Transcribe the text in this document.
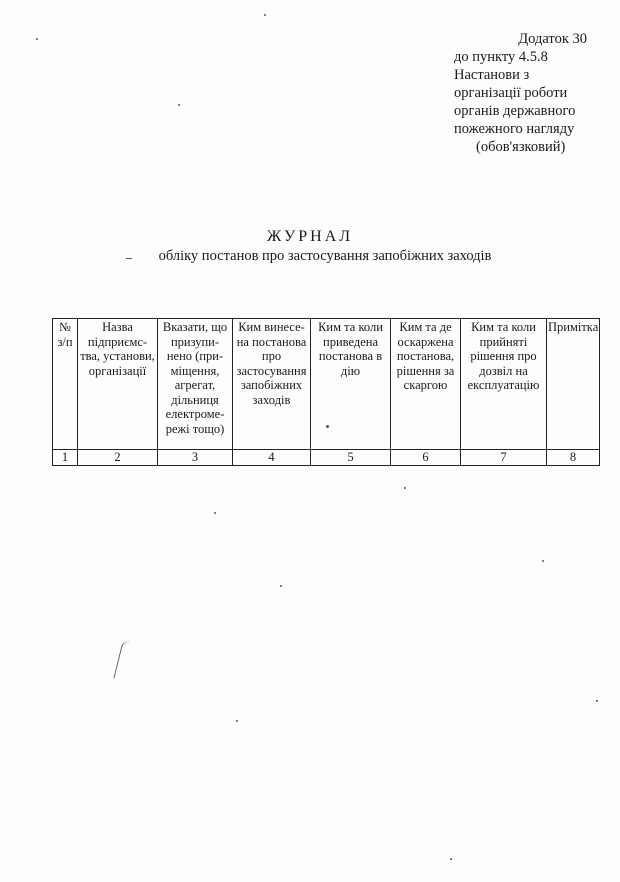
Додаток 30
до пункту 4.5.8
Настанови з
організації роботи
органів державного
пожежного нагляду
(обов'язковий)
ЖУРНАЛ
обліку постанов про застосування запобіжних заходів
№ з/п	Назва підприємс-тва, установи, організації	Вказати, що призупи-нено (при-міщення, агрегат, дільниця електроме-режі тощо)	Ким винесе-на постанова про застосування запобіжних заходів	Ким та коли приведена постанова в дію	Ким та де оскаржена постанова, рішення за скаргою	Ким та коли прийняті рішення про дозвіл на експлуатацію	Примітка
1	2	3	4	5	6	7	8
